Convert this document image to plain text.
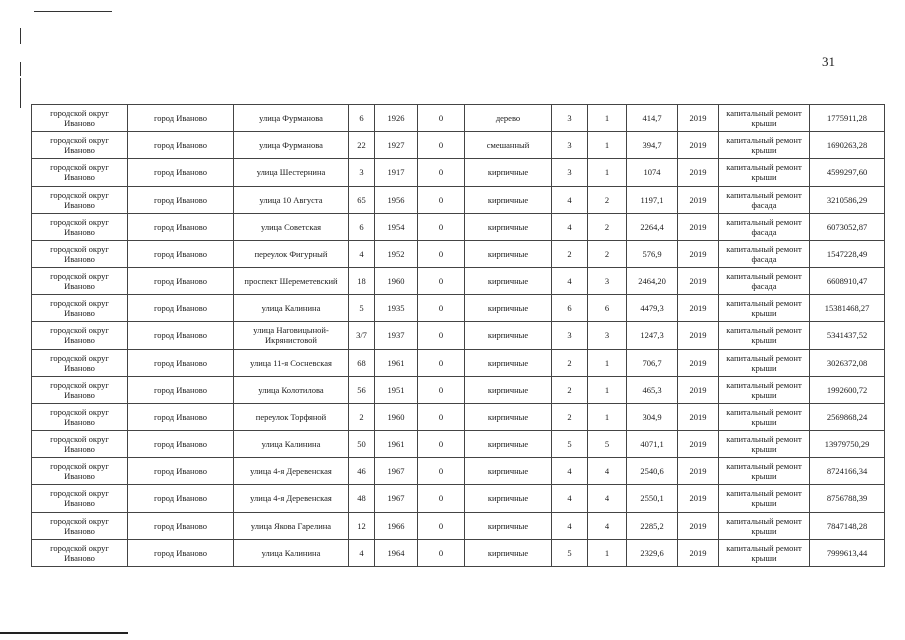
31
городской округ Иваново	город Иваново	улица Фурманова	6	1926	0	дерево	3	1	414,7	2019	капитальный ремонт крыши	1775911,28
городской округ Иваново	город Иваново	улица Фурманова	22	1927	0	смешанный	3	1	394,7	2019	капитальный ремонт крыши	1690263,28
городской округ Иваново	город Иваново	улица Шестернина	3	1917	0	кирпичные	3	1	1074	2019	капитальный ремонт крыши	4599297,60
городской округ Иваново	город Иваново	улица 10 Августа	65	1956	0	кирпичные	4	2	1197,1	2019	капитальный ремонт фасада	3210586,29
городской округ Иваново	город Иваново	улица Советская	6	1954	0	кирпичные	4	2	2264,4	2019	капитальный ремонт фасада	6073052,87
городской округ Иваново	город Иваново	переулок Фигурный	4	1952	0	кирпичные	2	2	576,9	2019	капитальный ремонт фасада	1547228,49
городской округ Иваново	город Иваново	проспект Шереметевский	18	1960	0	кирпичные	4	3	2464,20	2019	капитальный ремонт фасада	6608910,47
городской округ Иваново	город Иваново	улица Калинина	5	1935	0	кирпичные	6	6	4479,3	2019	капитальный ремонт крыши	15381468,27
городской округ Иваново	город Иваново	улица Наговицыной-Икрянистовой	3/7	1937	0	кирпичные	3	3	1247,3	2019	капитальный ремонт крыши	5341437,52
городской округ Иваново	город Иваново	улица 11-я Сосневская	68	1961	0	кирпичные	2	1	706,7	2019	капитальный ремонт крыши	3026372,08
городской округ Иваново	город Иваново	улица Колотилова	56	1951	0	кирпичные	2	1	465,3	2019	капитальный ремонт крыши	1992600,72
городской округ Иваново	город Иваново	переулок Торфяной	2	1960	0	кирпичные	2	1	304,9	2019	капитальный ремонт крыши	2569868,24
городской округ Иваново	город Иваново	улица Калинина	50	1961	0	кирпичные	5	5	4071,1	2019	капитальный ремонт крыши	13979750,29
городской округ Иваново	город Иваново	улица 4-я Деревенская	46	1967	0	кирпичные	4	4	2540,6	2019	капитальный ремонт крыши	8724166,34
городской округ Иваново	город Иваново	улица 4-я Деревенская	48	1967	0	кирпичные	4	4	2550,1	2019	капитальный ремонт крыши	8756788,39
городской округ Иваново	город Иваново	улица Якова Гарелина	12	1966	0	кирпичные	4	4	2285,2	2019	капитальный ремонт крыши	7847148,28
городской округ Иваново	город Иваново	улица Калинина	4	1964	0	кирпичные	5	1	2329,6	2019	капитальный ремонт крыши	7999613,44
